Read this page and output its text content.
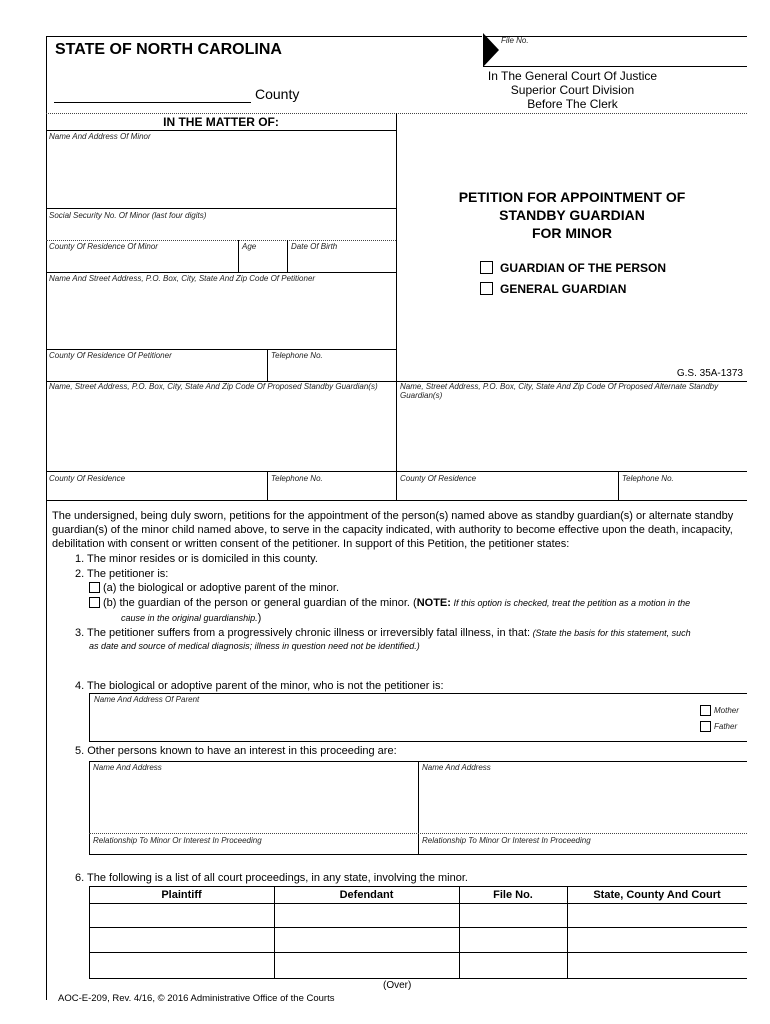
STATE OF NORTH CAROLINA
County
File No.
In The General Court Of Justice
Superior Court Division
Before The Clerk
IN THE MATTER OF:
Name And Address Of Minor
Social Security No. Of Minor (last four digits)
County Of Residence Of Minor	Age	Date Of Birth
Name And Street Address, P.O. Box, City, State And Zip Code Of Petitioner
County Of Residence Of Petitioner	Telephone No.
PETITION FOR APPOINTMENT OF
STANDBY GUARDIAN
FOR MINOR
GUARDIAN OF THE PERSON
GENERAL GUARDIAN
G.S. 35A-1373
Name, Street Address, P.O. Box, City, State And Zip Code Of Proposed Standby Guardian(s)	Name, Street Address, P.O. Box, City, State And Zip Code Of Proposed Alternate Standby Guardian(s)
County Of Residence	Telephone No.	County Of Residence	Telephone No.
The undersigned, being duly sworn, petitions for the appointment of the person(s) named above as standby guardian(s) or alternate standby guardian(s) of the minor child named above, to serve in the capacity indicated, with authority to become effective upon the death, incapacity, debilitation with consent or written consent of the petitioner. In support of this Petition, the petitioner states:
1. The minor resides or is domiciled in this county.
2. The petitioner is:
(a) the biological or adoptive parent of the minor.
(b) the guardian of the person or general guardian of the minor. (NOTE: If this option is checked, treat the petition as a motion in the
cause in the original guardianship.)
3. The petitioner suffers from a progressively chronic illness or irreversibly fatal illness, in that: (State the basis for this statement, such
as date and source of medical diagnosis; illness in question need not be identified.)
4. The biological or adoptive parent of the minor, who is not the petitioner is:
Name And Address Of Parent
Mother
Father
5. Other persons known to have an interest in this proceeding are:
Name And Address	Name And Address
Relationship To Minor Or Interest In Proceeding	Relationship To Minor Or Interest In Proceeding
6. The following is a list of all court proceedings, in any state, involving the minor.
Plaintiff	Defendant	File No.	State, County And Court
(Over)
AOC-E-209, Rev. 4/16, © 2016 Administrative Office of the Courts
